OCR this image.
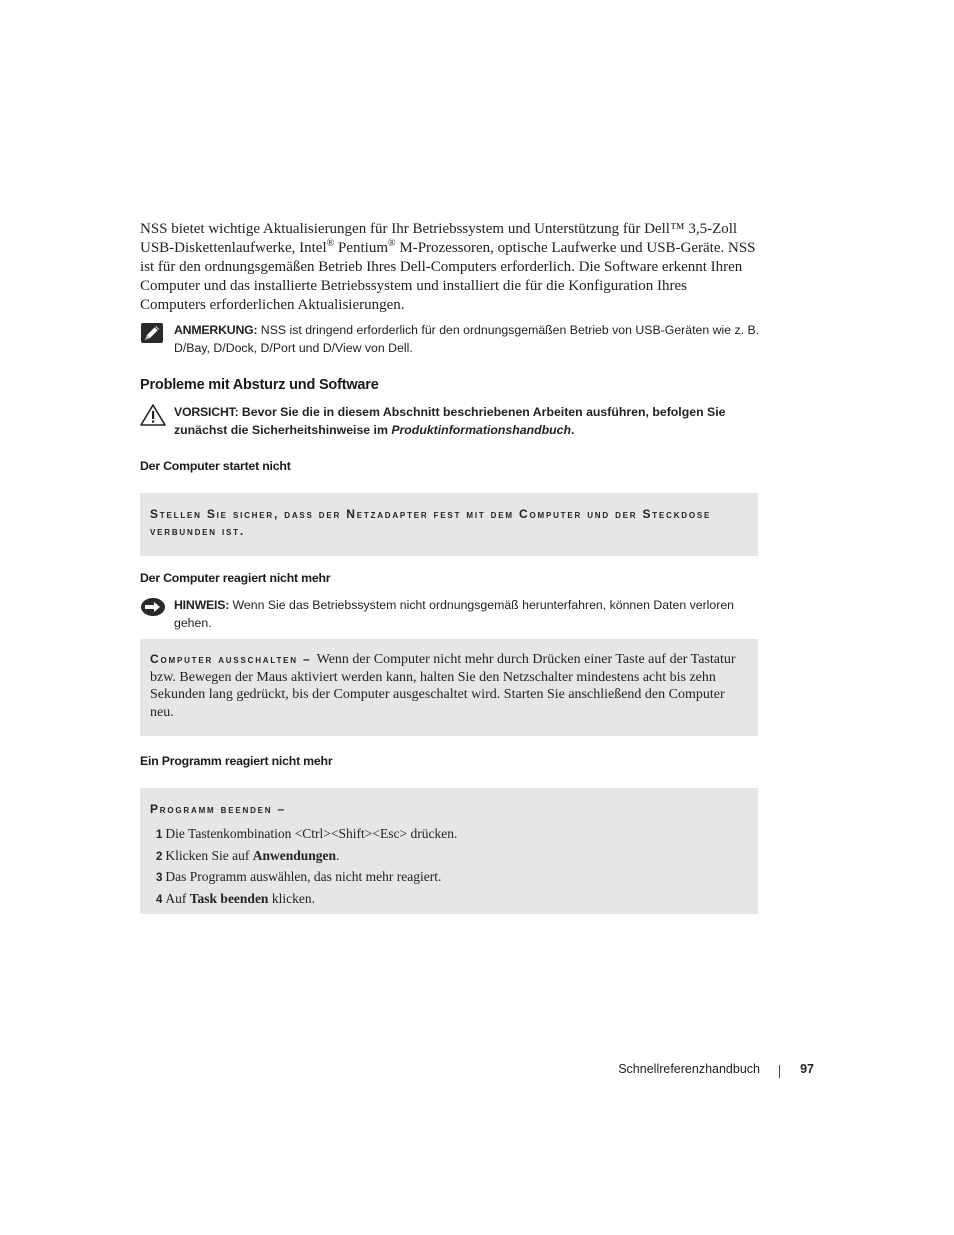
NSS bietet wichtige Aktualisierungen für Ihr Betriebssystem und Unterstützung für Dell™ 3,5-Zoll USB-Diskettenlaufwerke, Intel® Pentium® M-Prozessoren, optische Laufwerke und USB-Geräte. NSS ist für den ordnungsgemäßen Betrieb Ihres Dell-Computers erforderlich. Die Software erkennt Ihren Computer und das installierte Betriebssystem und installiert die für die Konfiguration Ihres Computers erforderlichen Aktualisierungen.
ANMERKUNG: NSS ist dringend erforderlich für den ordnungsgemäßen Betrieb von USB-Geräten wie z. B. D/Bay, D/Dock, D/Port und D/View von Dell.
Probleme mit Absturz und Software
VORSICHT: Bevor Sie die in diesem Abschnitt beschriebenen Arbeiten ausführen, befolgen Sie zunächst die Sicherheitshinweise im Produktinformationshandbuch.
Der Computer startet nicht
Stellen Sie sicher, dass der Netzadapter fest mit dem Computer und der Steckdose verbunden ist.
Der Computer reagiert nicht mehr
HINWEIS: Wenn Sie das Betriebssystem nicht ordnungsgemäß herunterfahren, können Daten verloren gehen.
Computer ausschalten – Wenn der Computer nicht mehr durch Drücken einer Taste auf der Tastatur bzw. Bewegen der Maus aktiviert werden kann, halten Sie den Netzschalter mindestens acht bis zehn Sekunden lang gedrückt, bis der Computer ausgeschaltet wird. Starten Sie anschließend den Computer neu.
Ein Programm reagiert nicht mehr
Programm beenden –
1 Die Tastenkombination <Ctrl><Shift><Esc> drücken.
2 Klicken Sie auf Anwendungen.
3 Das Programm auswählen, das nicht mehr reagiert.
4 Auf Task beenden klicken.
Schnellreferenzhandbuch	97
